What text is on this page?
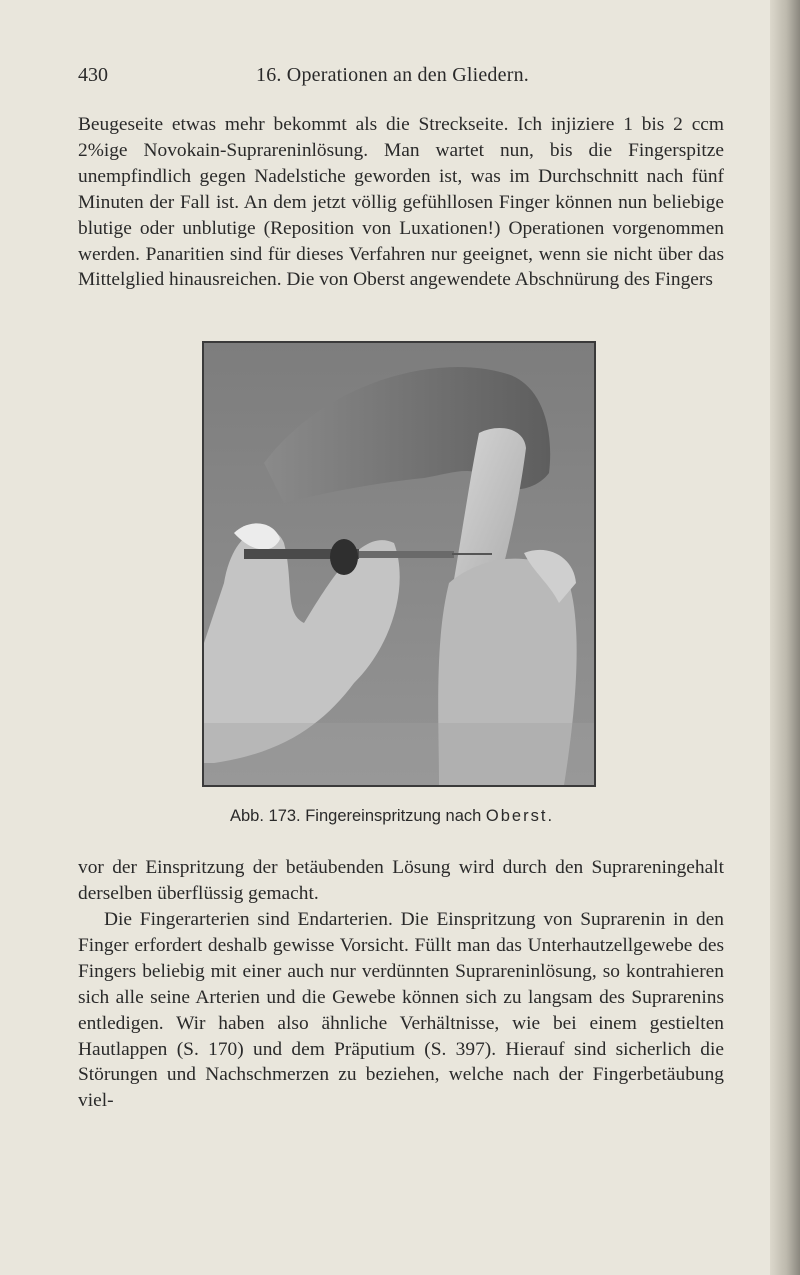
430	16. Operationen an den Gliedern.
Beugeseite etwas mehr bekommt als die Streckseite. Ich injiziere 1 bis 2 ccm 2%ige Novokain-Suprareninlösung. Man wartet nun, bis die Fingerspitze unempfindlich gegen Nadelstiche geworden ist, was im Durchschnitt nach fünf Minuten der Fall ist. An dem jetzt völlig gefühllosen Finger können nun beliebige blutige oder unblutige (Reposition von Luxationen!) Operationen vorgenommen werden. Panaritien sind für dieses Verfahren nur geeignet, wenn sie nicht über das Mittelglied hinausreichen. Die von Oberst angewendete Abschnürung des Fingers
Abb. 173. Fingereinspritzung nach Oberst.
vor der Einspritzung der betäubenden Lösung wird durch den Suprareningehalt derselben überflüssig gemacht.
Die Fingerarterien sind Endarterien. Die Einspritzung von Suprarenin in den Finger erfordert deshalb gewisse Vorsicht. Füllt man das Unterhautzellgewebe des Fingers beliebig mit einer auch nur verdünnten Suprareninlösung, so kontrahieren sich alle seine Arterien und die Gewebe können sich zu langsam des Suprarenins entledigen. Wir haben also ähnliche Verhältnisse, wie bei einem gestielten Hautlappen (S. 170) und dem Präputium (S. 397). Hierauf sind sicherlich die Störungen und Nachschmerzen zu beziehen, welche nach der Fingerbetäubung viel-
